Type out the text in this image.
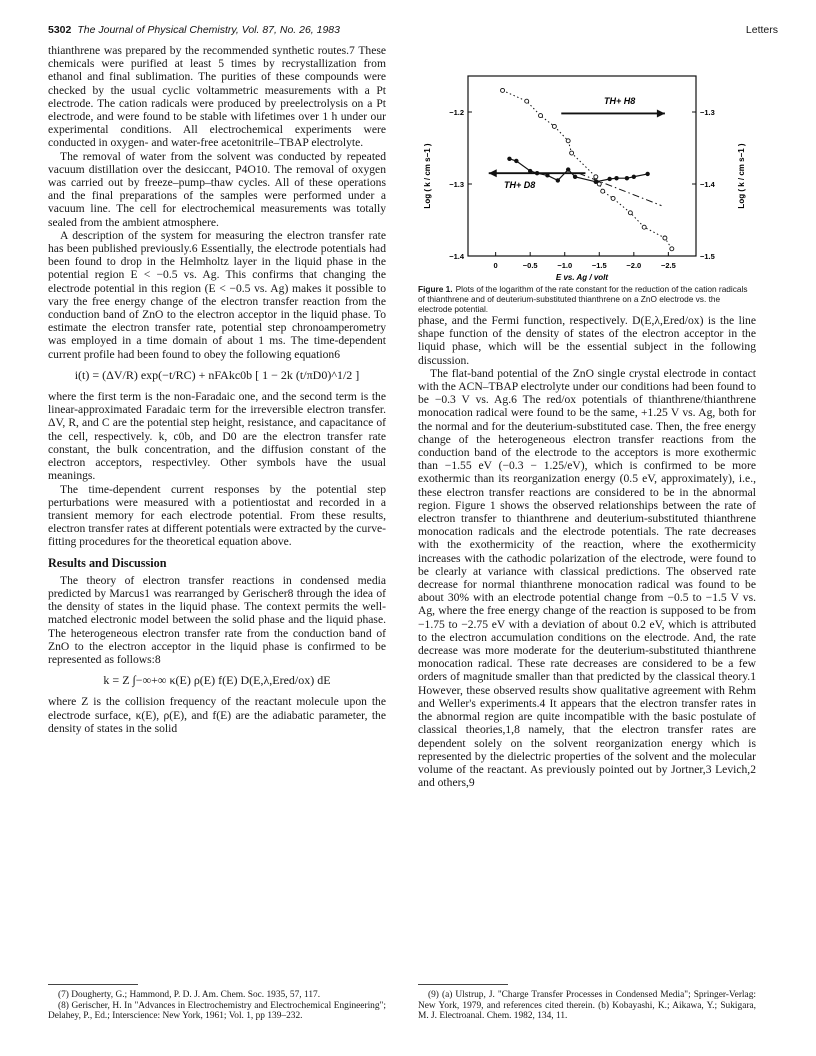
5302 The Journal of Physical Chemistry, Vol. 87, No. 26, 1983	Letters

thianthrene was prepared by the recommended synthetic routes.7 These chemicals were purified at least 5 times by recrystallization from ethanol and final sublimation. The purities of these compounds were checked by the usual cyclic voltammetric measurements with a Pt electrode. The cation radicals were produced by preelectrolysis on a Pt electrode, and were found to be stable with lifetimes over 1 h under our experimental conditions. All electrochemical experiments were conducted in oxygen- and water-free acetonitrile–TBAP electrolyte.

The removal of water from the solvent was conducted by repeated vacuum distillation over the desiccant, P4O10. The removal of oxygen was carried out by freeze–pump–thaw cycles. All of these operations and the final preparations of the samples were performed under a vacuum line. The cell for electrochemical measurements was totally sealed from the ambient atmosphere.

A description of the system for measuring the electron transfer rate has been published previously.6 Essentially, the electrode potentials had been found to drop in the Helmholtz layer in the liquid phase in the potential region E < −0.5 vs. Ag. This confirms that changing the electrode potential in this region (E < −0.5 vs. Ag) makes it possible to vary the free energy change of the electron transfer reaction from the conduction band of ZnO to the electron acceptor in the liquid phase. To estimate the electron transfer rate, potential step chronoamperometry was employed in a time domain of about 1 ms. The time-dependent current profile had been found to obey the following equation6

i(t) = (ΔV/R) exp(−t/RC) + nFAkc0b [ 1 − 2k (t/πD0)^1/2 ]

where the first term is the non-Faradaic one, and the second term is the linear-approximated Faradaic term for the irreversible electron transfer. ΔV, R, and C are the potential step height, resistance, and capacitance of the cell, respectively. k, c0b, and D0 are the electron transfer rate constant, the bulk concentration, and the diffusion constant of the electron acceptors, respectivley. Other symbols have the usual meanings.

The time-dependent current responses by the potential step perturbations were measured with a potientiostat and recorded in a transient memory for each electrode potential. From these results, electron transfer rates at different potentials were extracted by the curve-fitting procedures for the theoretical equation above.

Results and Discussion

The theory of electron transfer reactions in condensed media predicted by Marcus1 was rearranged by Gerischer8 through the idea of the density of states in the liquid phase. The context permits the well-matched electronic model between the solid phase and the liquid phase. The heterogeneous electron transfer rate from the conduction band of ZnO to the electron acceptor in the liquid phase is confirmed to be represented as follows:8

k = Z ∫−∞+∞ κ(E) ρ(E) f(E) D(E,λ,Ered/ox) dE

where Z is the collision frequency of the reactant molecule upon the electrode surface, κ(E), ρ(E), and f(E) are the adiabatic parameter, the density of states in the solid

0	−0.5	−1.0	−1.5	−2.0	−2.5
−1.2
−1.3
−1.4
−1.3
−1.4
−1.5
Log ( k / cm s−1 )	Log ( k / cm s−1 )
E vs. Ag / volt
TH+ H8
TH+ D8

Figure 1. Plots of the logarithm of the rate constant for the reduction of the cation radicals of thianthrene and of deuterium-substituted thianthrene on a ZnO electrode vs. the electrode potential.

phase, and the Fermi function, respectively. D(E,λ,Ered/ox) is the line shape function of the density of states of the electron acceptor in the liquid phase, which will be the essential subject in the following discussion.

The flat-band potential of the ZnO single crystal electrode in contact with the ACN–TBAP electrolyte under our conditions had been found to be −0.3 V vs. Ag.6 The red/ox potentials of thianthrene/thianthrene monocation radical were found to be the same, +1.25 V vs. Ag, both for the normal and for the deuterium-substituted case. Then, the free energy change of the heterogeneous electron transfer reactions from the conduction band of the electrode to the acceptors is more exothermic than −1.55 eV (−0.3 − 1.25/eV), which is confirmed to be more exothermic than its reorganization energy (0.5 eV, approximately), i.e., these electron transfer reactions are considered to be in the abnormal region. Figure 1 shows the observed relationships between the rate of electron transfer to thianthrene and deuterium-substituted thianthrene monocation radicals and the electrode potentials. The rate decreases with the exothermicity of the reaction, where the exothermicity increases with the cathodic polarization of the electrode, were found to be clearly at variance with classical predictions. The observed rate decrease for normal thianthrene monocation radical was found to be about 30% with an electrode potential change from −0.5 to −1.5 V vs. Ag, where the free energy change of the reaction is supposed to be from −1.75 to −2.75 eV with a deviation of about 0.2 eV, which is attributed to the electron accumulation conditions on the electrode. And, the rate decrease was more moderate for the deuterium-substituted thianthrene monocation radical. These rate decreases are considered to be a few orders of magnitude smaller than that predicted by the classical theory.1 However, these observed results show qualitative agreement with Rehm and Weller's experiments.4 It appears that the electron transfer rates in the abnormal region are quite incompatible with the basic postulate of classical theories,1,8 namely, that the electron transfer rates are dependent solely on the solvent reorganization energy which is represented by the dielectric properties of the solvent and the molecular volume of the reactant. As previously pointed out by Jortner,3 Levich,2 and others,9

(7) Dougherty, G.; Hammond, P. D. J. Am. Chem. Soc. 1935, 57, 117.

(8) Gerischer, H. In "Advances in Electrochemistry and Electrochemical Engineering"; Delahey, P., Ed.; Interscience: New York, 1961; Vol. 1, pp 139–232.

(9) (a) Ulstrup, J. "Charge Transfer Processes in Condensed Media"; Springer-Verlag: New York, 1979, and references cited therein. (b) Kobayashi, K.; Aikawa, Y.; Sukigara, M. J. Electroanal. Chem. 1982, 134, 11.
